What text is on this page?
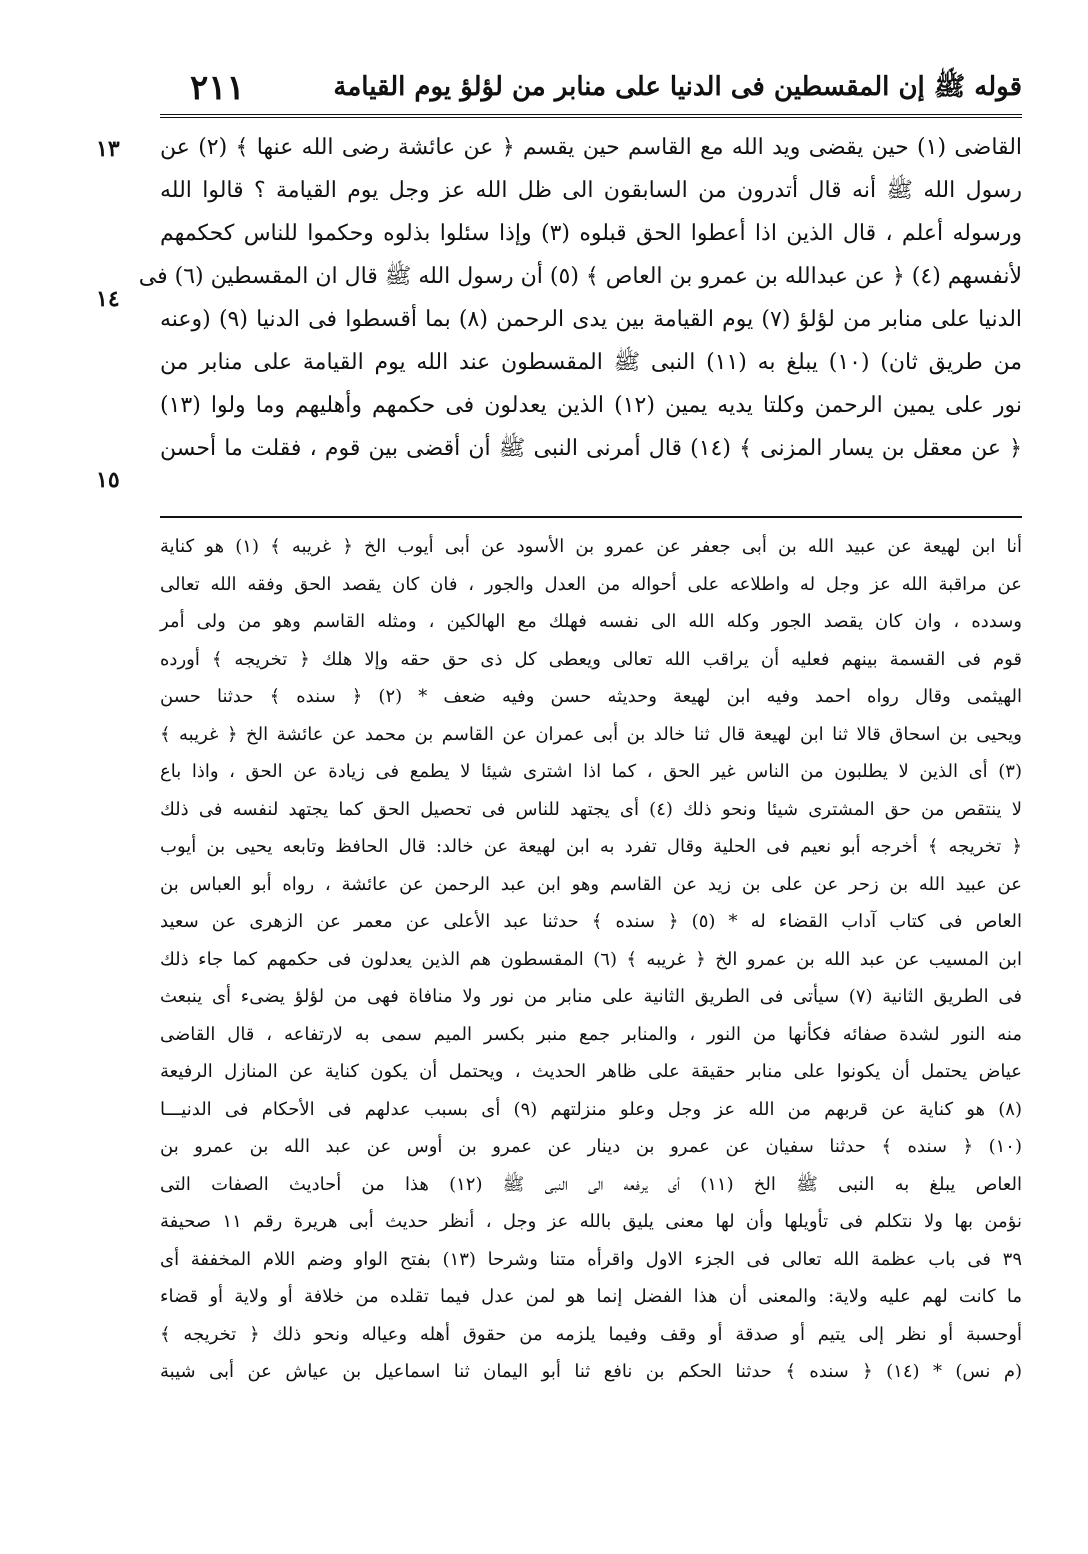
قوله ﷺ إن المقسطين فى الدنيا على منابر من لؤلؤ يوم القيامة
٢١١
١٣
١٤
١٥
القاضى (١) حين يقضى ويد الله مع القاسم حين يقسم ﴿ عن عائشة رضى الله عنها ﴾ (٢) عن
رسول الله ﷺ أنه قال أتدرون من السابقون الى ظل الله عز وجل يوم القيامة ؟ قالوا الله
ورسوله أعلم ، قال الذين اذا أعطوا الحق قبلوه (٣) وإذا سئلوا بذلوه وحكموا للناس كحكمهم
لأنفسهم (٤) ﴿ عن عبدالله بن عمرو بن العاص ﴾ (٥) أن رسول الله ﷺ قال ان المقسطين (٦) فى
الدنيا على منابر من لؤلؤ (٧) يوم القيامة بين يدى الرحمن (٨) بما أقسطوا فى الدنيا (٩) (وعنه
من طريق ثان) (١٠) يبلغ به (١١) النبى ﷺ المقسطون عند الله يوم القيامة على منابر من
نور على يمين الرحمن وكلتا يديه يمين (١٢) الذين يعدلون فى حكمهم وأهليهم وما ولوا (١٣)
﴿ عن معقل بن يسار المزنى ﴾ (١٤) قال أمرنى النبى ﷺ أن أقضى بين قوم ، فقلت ما أحسن
أنا ابن لهيعة عن عبيد الله بن أبى جعفر عن عمرو بن الأسود عن أبى أيوب الخ ﴿ غريبه ﴾ (١) هو كناية
عن مراقبة الله عز وجل له واطلاعه على أحواله من العدل والجور ، فان كان يقصد الحق وفقه الله تعالى
وسدده ، وان كان يقصد الجور وكله الله الى نفسه فهلك مع الهالكين ، ومثله القاسم وهو من ولى أمر
قوم فى القسمة بينهم فعليه أن يراقب الله تعالى ويعطى كل ذى حق حقه وإلا هلك ﴿ تخريجه ﴾ أورده
الهيثمى وقال رواه احمد وفيه ابن لهيعة وحديثه حسن وفيه ضعف * (٢) ﴿ سنده ﴾ حدثنا حسن
ويحيى بن اسحاق قالا ثنا ابن لهيعة قال ثنا خالد بن أبى عمران عن القاسم بن محمد عن عائشة الخ ﴿ غريبه ﴾
(٣) أى الذين لا يطلبون من الناس غير الحق ، كما اذا اشترى شيئا لا يطمع فى زيادة عن الحق ، واذا باع
لا ينتقص من حق المشترى شيئا ونحو ذلك (٤) أى يجتهد للناس فى تحصيل الحق كما يجتهد لنفسه فى ذلك
﴿ تخريجه ﴾ أخرجه أبو نعيم فى الحلية وقال تفرد به ابن لهيعة عن خالد: قال الحافظ وتابعه يحيى بن أيوب
عن عبيد الله بن زحر عن على بن زيد عن القاسم وهو ابن عبد الرحمن عن عائشة ، رواه أبو العباس بن
العاص فى كتاب آداب القضاء له * (٥) ﴿ سنده ﴾ حدثنا عبد الأعلى عن معمر عن الزهرى عن سعيد
ابن المسيب عن عبد الله بن عمرو الخ ﴿ غريبه ﴾ (٦) المقسطون هم الذين يعدلون فى حكمهم كما جاء ذلك
فى الطريق الثانية (٧) سيأتى فى الطريق الثانية على منابر من نور ولا منافاة فهى من لؤلؤ يضىء أى ينبعث
منه النور لشدة صفائه فكأنها من النور ، والمنابر جمع منبر بكسر الميم سمى به لارتفاعه ، قال القاضى
عياض يحتمل أن يكونوا على منابر حقيقة على ظاهر الحديث ، ويحتمل أن يكون كناية عن المنازل الرفيعة
(٨) هو كناية عن قربهم من الله عز وجل وعلو منزلتهم (٩) أى بسبب عدلهم فى الأحكام فى الدنيـــا
(١٠) ﴿ سنده ﴾ حدثنا سفيان عن عمرو بن دينار عن عمرو بن أوس عن عبد الله بن عمرو بن
العاص يبلغ به النبى ﷺ الخ (١١) أى يرفعه الى النبى ﷺ (١٢) هذا من أحاديث الصفات التى
نؤمن بها ولا نتكلم فى تأويلها وأن لها معنى يليق بالله عز وجل ، أنظر حديث أبى هريرة رقم ١١ صحيفة
٣٩ فى باب عظمة الله تعالى فى الجزء الاول واقرأه متنا وشرحا (١٣) بفتح الواو وضم اللام المخففة أى
ما كانت لهم عليه ولاية: والمعنى أن هذا الفضل إنما هو لمن عدل فيما تقلده من خلافة أو ولاية أو قضاء
أوحسبة أو نظر إلى يتيم أو صدقة أو وقف وفيما يلزمه من حقوق أهله وعياله ونحو ذلك ﴿ تخريجه ﴾
(م نس) * (١٤) ﴿ سنده ﴾ حدثنا الحكم بن نافع ثنا أبو اليمان ثنا اسماعيل بن عياش عن أبى شيبة
